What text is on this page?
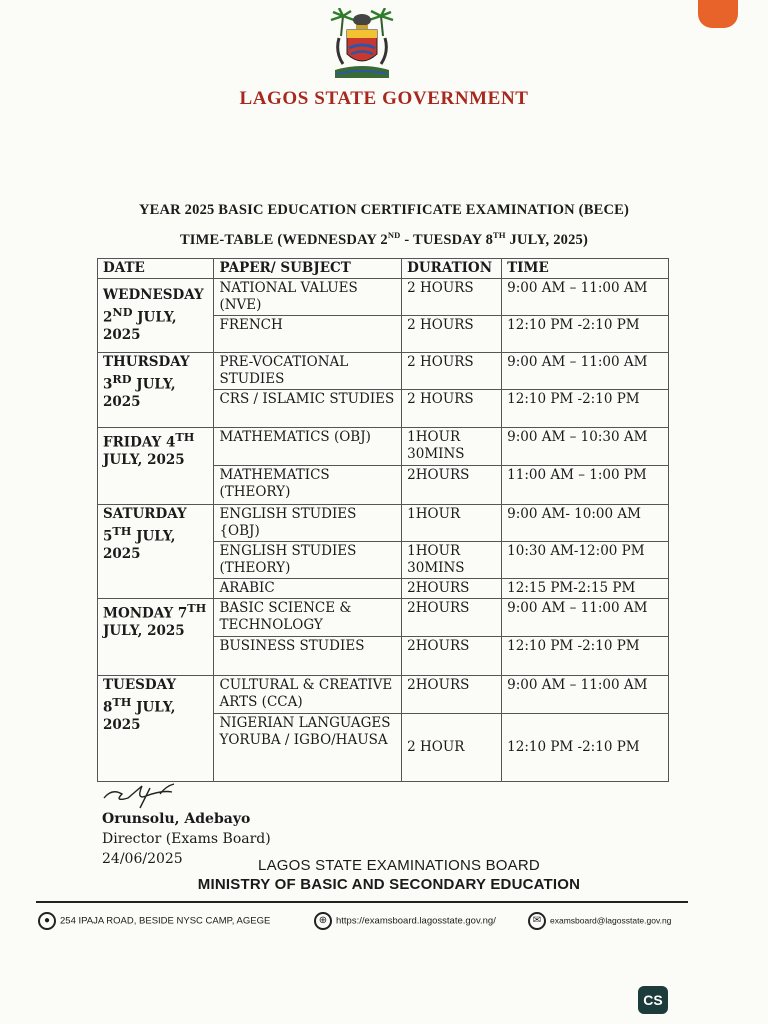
LAGOS STATE GOVERNMENT
YEAR 2025 BASIC EDUCATION CERTIFICATE EXAMINATION (BECE)
TIME-TABLE (WEDNESDAY 2ND - TUESDAY 8TH JULY, 2025)
DATE	PAPER/ SUBJECT	DURATION	TIME
WEDNESDAY 2ND JULY, 2025	NATIONAL VALUES (NVE)	2 HOURS	9:00 AM – 11:00 AM
	FRENCH	2 HOURS	12:10 PM -2:10 PM
THURSDAY 3RD JULY, 2025	PRE-VOCATIONAL STUDIES	2 HOURS	9:00 AM – 11:00 AM
	CRS / ISLAMIC STUDIES	2 HOURS	12:10 PM -2:10 PM
FRIDAY 4TH JULY, 2025	MATHEMATICS (OBJ)	1HOUR 30MINS	9:00 AM – 10:30 AM
	MATHEMATICS (THEORY)	2HOURS	11:00 AM – 1:00 PM
SATURDAY 5TH JULY, 2025	ENGLISH STUDIES {OBJ)	1HOUR	9:00 AM- 10:00 AM
	ENGLISH STUDIES (THEORY)	1HOUR 30MINS	10:30 AM-12:00 PM
	ARABIC	2HOURS	12:15 PM-2:15 PM
MONDAY 7TH JULY, 2025	BASIC SCIENCE & TECHNOLOGY	2HOURS	9:00 AM – 11:00 AM
	BUSINESS STUDIES	2HOURS	12:10 PM -2:10 PM
TUESDAY 8TH JULY, 2025	CULTURAL & CREATIVE ARTS (CCA)	2HOURS	9:00 AM – 11:00 AM
	NIGERIAN LANGUAGES YORUBA / IGBO/HAUSA	2 HOUR	12:10 PM -2:10 PM
Orunsolu, Adebayo
Director (Exams Board)
24/06/2025	LAGOS STATE EXAMINATIONS BOARD
MINISTRY OF BASIC AND SECONDARY EDUCATION
● 254 IPAJA ROAD, BESIDE NYSC CAMP, AGEGE	⊕ https://examsboard.lagosstate.gov.ng/	✉ examsboard@lagosstate.gov.ng
CS
